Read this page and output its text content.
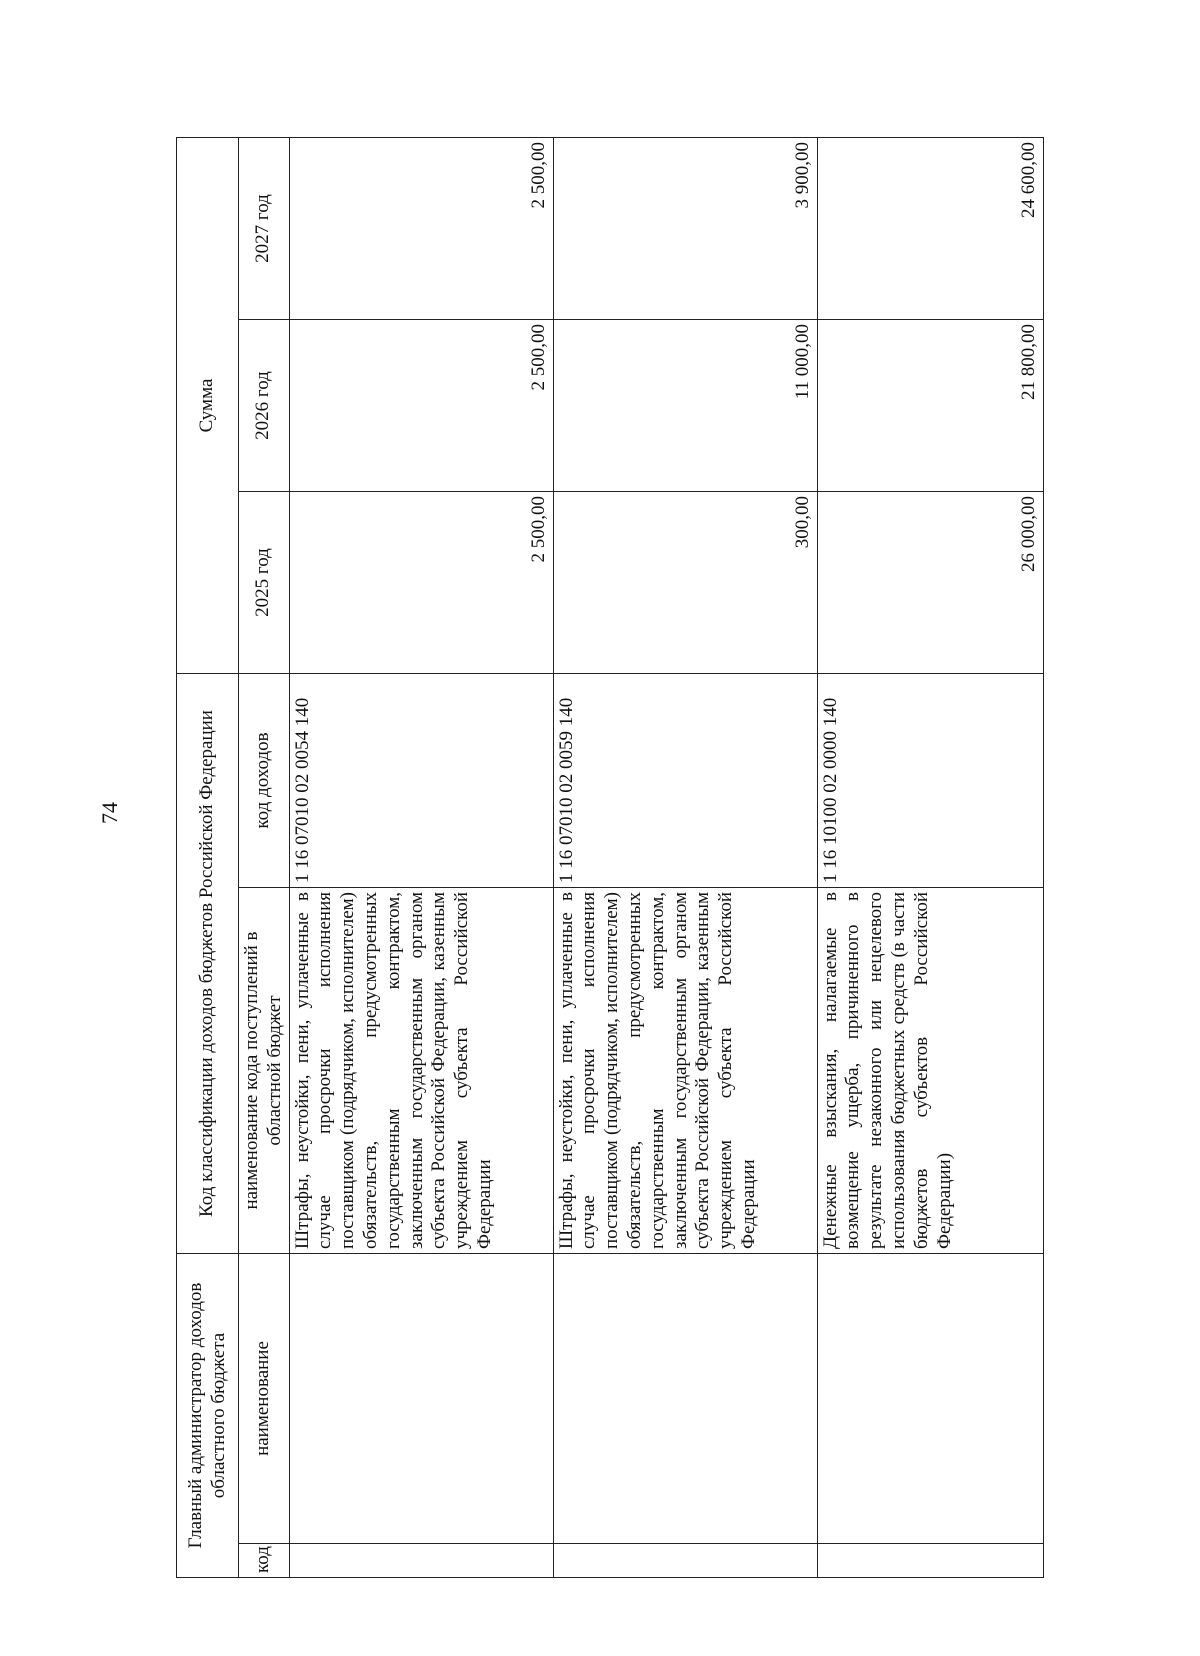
74
Главный администратор доходов областного бюджета		Код классификации доходов бюджетов Российской Федерации		Сумма		
код	наименование	наименование кода поступлений в областной бюджет	код доходов	2025 год	2026 год	2027 год
		Штрафы, неустойки, пени, уплаченные в случае просрочки исполнения поставщиком (подрядчиком, исполнителем) обязательств, предусмотренных государственным контрактом, заключенным государственным органом субъекта Российской Федерации, казенным учреждением субъекта Российской Федерации	1 16 07010 02 0054 140	2 500,00	2 500,00	2 500,00
		Штрафы, неустойки, пени, уплаченные в случае просрочки исполнения поставщиком (подрядчиком, исполнителем) обязательств, предусмотренных государственным контрактом, заключенным государственным органом субъекта Российской Федерации, казенным учреждением субъекта Российской Федерации	1 16 07010 02 0059 140	300,00	11 000,00	3 900,00
		Денежные взыскания, налагаемые в возмещение ущерба, причиненного в результате незаконного или нецелевого использования бюджетных средств (в части бюджетов субъектов Российской Федерации)	1 16 10100 02 0000 140	26 000,00	21 800,00	24 600,00
